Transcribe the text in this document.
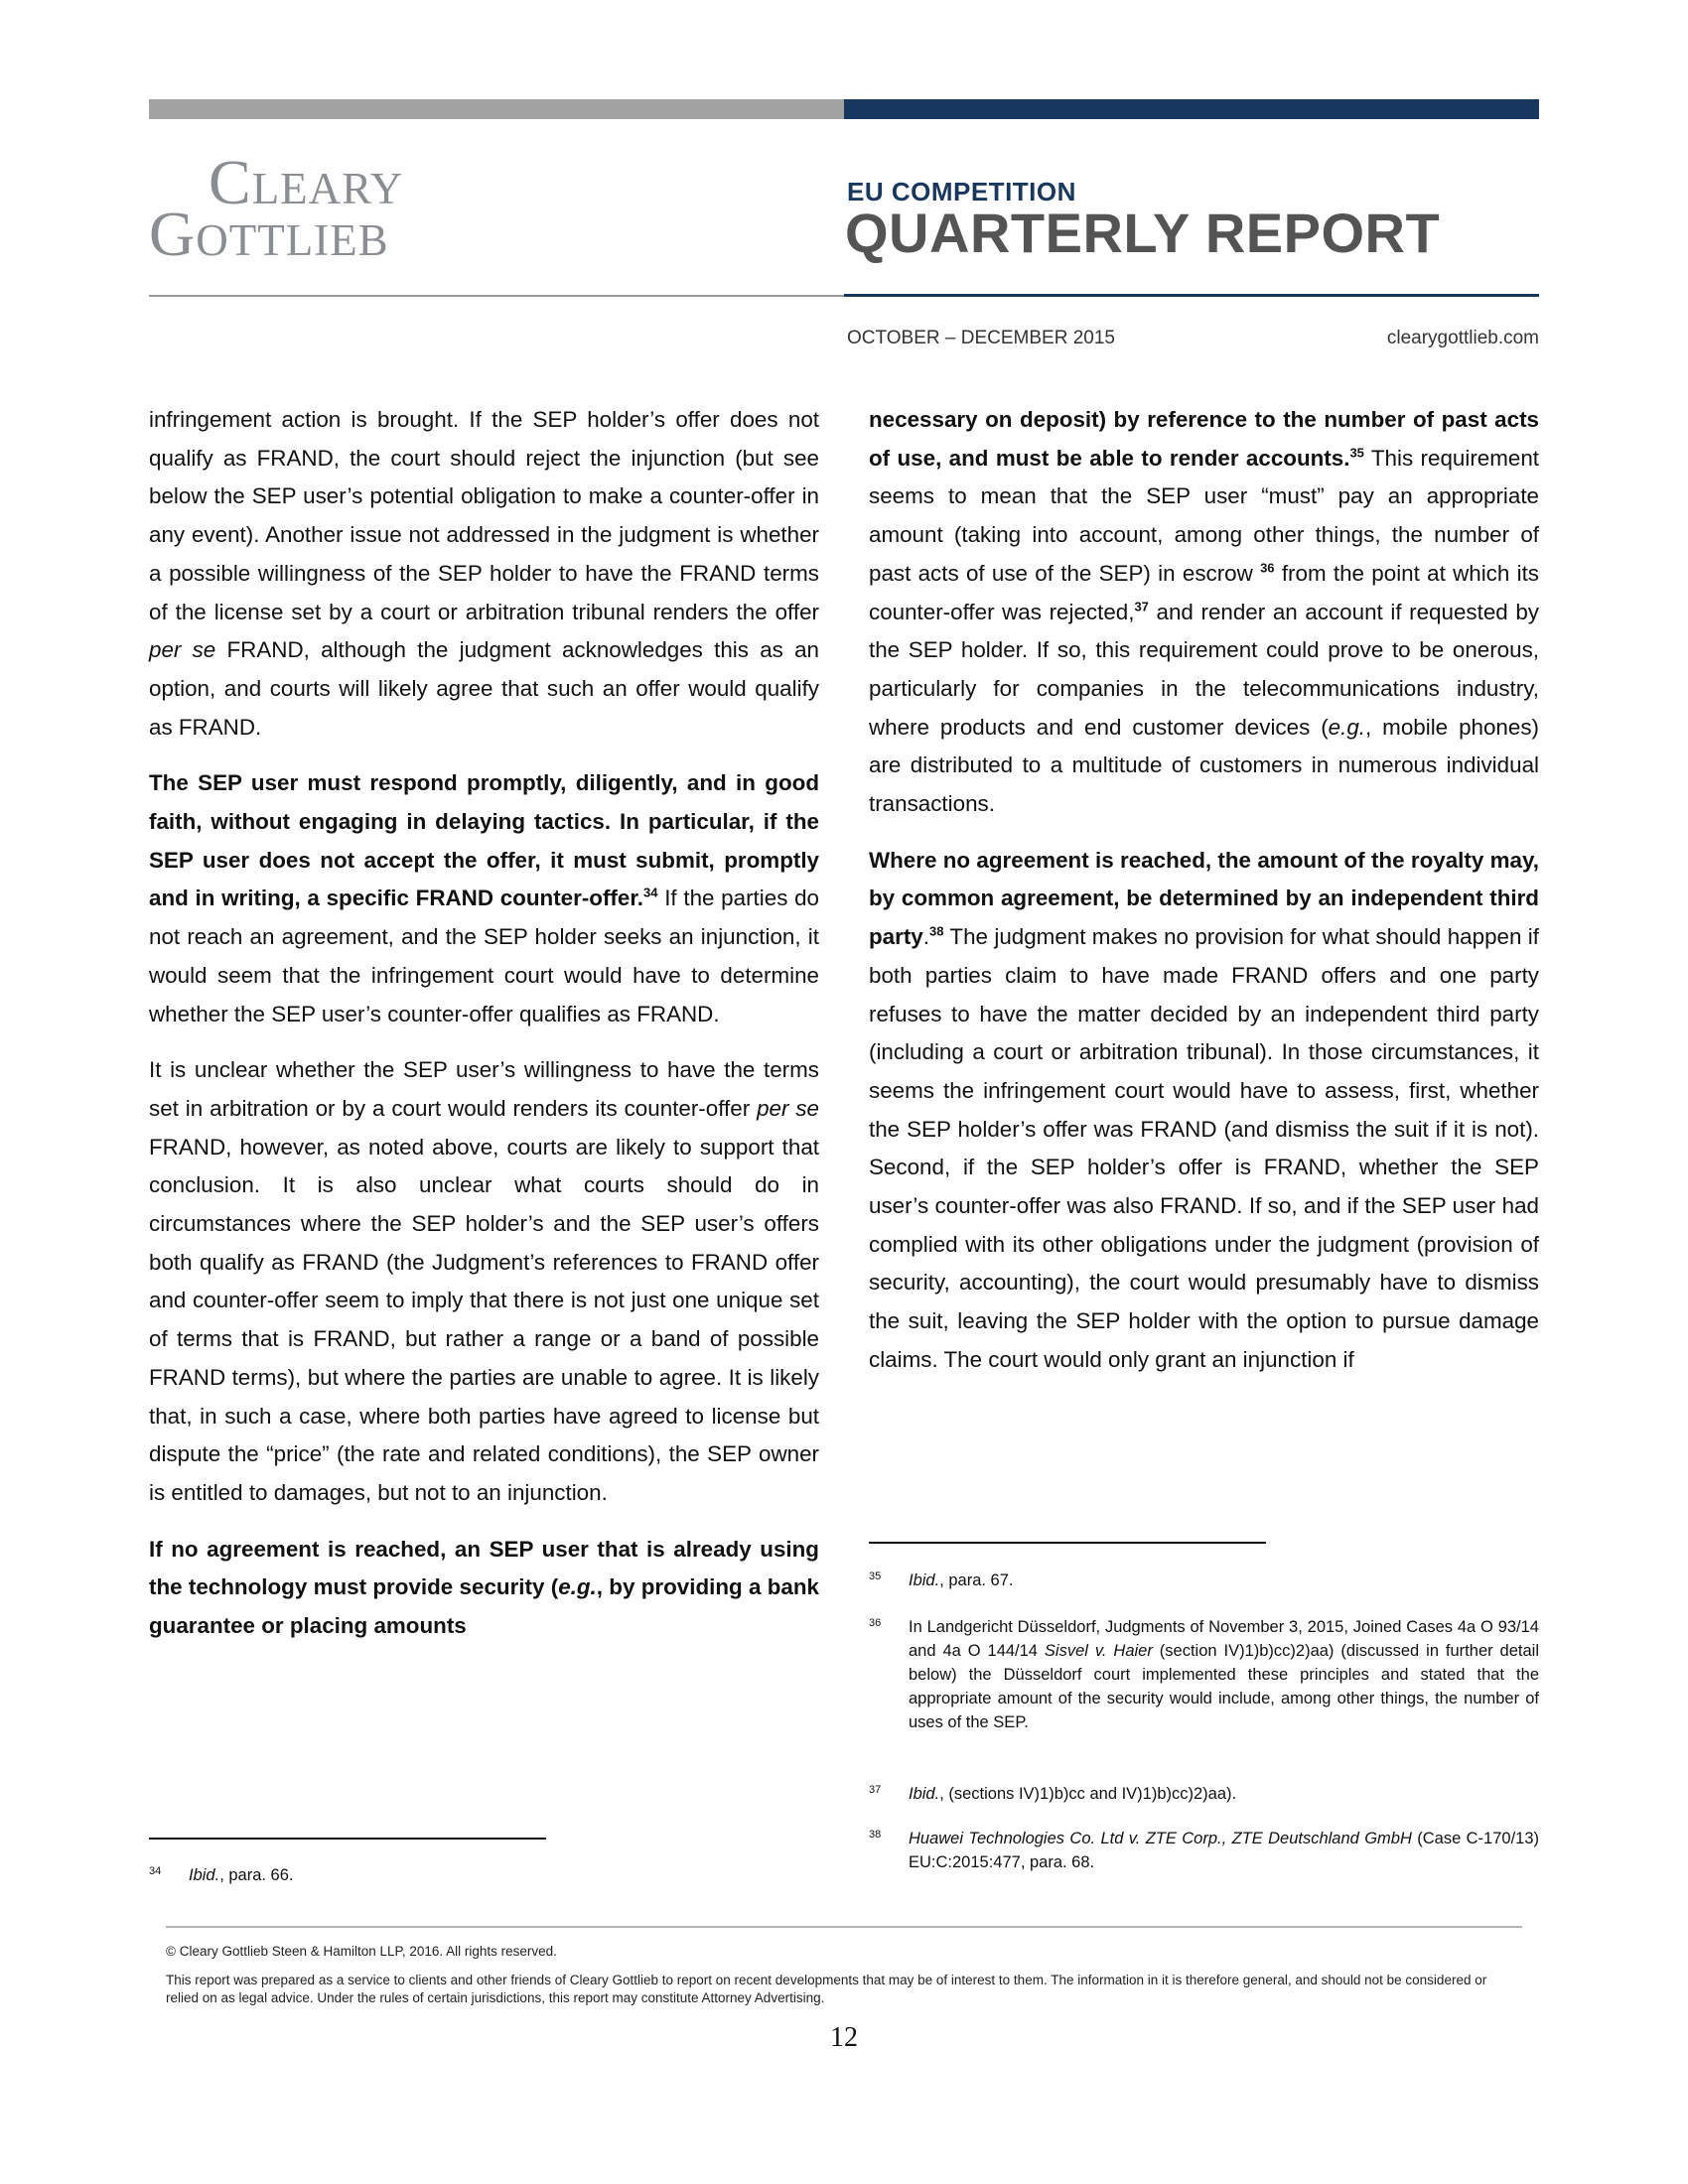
Cleary
Gottlieb
EU COMPETITION
QUARTERLY REPORT
OCTOBER – DECEMBER 2015	clearygottlieb.com

infringement action is brought. If the SEP holder’s offer does not qualify as FRAND, the court should reject the injunction (but see below the SEP user’s potential obligation to make a counter-offer in any event). Another issue not addressed in the judgment is whether a possible willingness of the SEP holder to have the FRAND terms of the license set by a court or arbitration tribunal renders the offer per se FRAND, although the judgment acknowledges this as an option, and courts will likely agree that such an offer would qualify as FRAND.

The SEP user must respond promptly, diligently, and in good faith, without engaging in delaying tactics. In particular, if the SEP user does not accept the offer, it must submit, promptly and in writing, a specific FRAND counter-offer.$^{34}$ If the parties do not reach an agreement, and the SEP holder seeks an injunction, it would seem that the infringement court would have to determine whether the SEP user’s counter-offer qualifies as FRAND.

It is unclear whether the SEP user’s willingness to have the terms set in arbitration or by a court would renders its counter-offer per se FRAND, however, as noted above, courts are likely to support that conclusion. It is also unclear what courts should do in circumstances where the SEP holder’s and the SEP user’s offers both qualify as FRAND (the Judgment’s references to FRAND offer and counter-offer seem to imply that there is not just one unique set of terms that is FRAND, but rather a range or a band of possible FRAND terms), but where the parties are unable to agree. It is likely that, in such a case, where both parties have agreed to license but dispute the “price” (the rate and related conditions), the SEP owner is entitled to damages, but not to an injunction.

If no agreement is reached, an SEP user that is already using the technology must provide security (e.g., by providing a bank guarantee or placing amounts

34	Ibid., para. 66.

necessary on deposit) by reference to the number of past acts of use, and must be able to render accounts.$^{35}$ This requirement seems to mean that the SEP user “must” pay an appropriate amount (taking into account, among other things, the number of past acts of use of the SEP) in escrow $^{36}$ from the point at which its counter-offer was rejected,$^{37}$ and render an account if requested by the SEP holder. If so, this requirement could prove to be onerous, particularly for companies in the telecommunications industry, where products and end customer devices (e.g., mobile phones) are distributed to a multitude of customers in numerous individual transactions.

Where no agreement is reached, the amount of the royalty may, by common agreement, be determined by an independent third party.$^{38}$ The judgment makes no provision for what should happen if both parties claim to have made FRAND offers and one party refuses to have the matter decided by an independent third party (including a court or arbitration tribunal). In those circumstances, it seems the infringement court would have to assess, first, whether the SEP holder’s offer was FRAND (and dismiss the suit if it is not). Second, if the SEP holder’s offer is FRAND, whether the SEP user’s counter-offer was also FRAND. If so, and if the SEP user had complied with its other obligations under the judgment (provision of security, accounting), the court would presumably have to dismiss the suit, leaving the SEP holder with the option to pursue damage claims. The court would only grant an injunction if

35	Ibid., para. 67.
36	In Landgericht Düsseldorf, Judgments of November 3, 2015, Joined Cases 4a O 93/14 and 4a O 144/14 Sisvel v. Haier (section IV)1)b)cc)2)aa) (discussed in further detail below) the Düsseldorf court implemented these principles and stated that the appropriate amount of the security would include, among other things, the number of uses of the SEP.
37	Ibid., (sections IV)1)b)cc and IV)1)b)cc)2)aa).
38	Huawei Technologies Co. Ltd v. ZTE Corp., ZTE Deutschland GmbH (Case C-170/13) EU:C:2015:477, para. 68.
© Cleary Gottlieb Steen & Hamilton LLP, 2016. All rights reserved.
This report was prepared as a service to clients and other friends of Cleary Gottlieb to report on recent developments that may be of interest to them. The information in it is therefore general, and should not be considered or relied on as legal advice. Under the rules of certain jurisdictions, this report may constitute Attorney Advertising.
12
